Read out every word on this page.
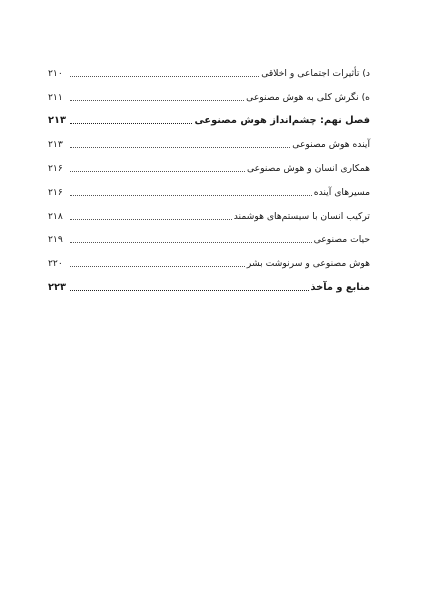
د) تأثیرات اجتماعی و اخلاقی
۲۱۰
ه) نگرش کلی به هوش مصنوعی
۲۱۱
فصل نهم: چشم‌انداز هوش مصنوعی
۲۱۳
آینده هوش مصنوعی
۲۱۳
همکاری انسان و هوش مصنوعی
۲۱۶
مسیرهای آینده
۲۱۶
ترکیب انسان با سیستم‌های هوشمند
۲۱۸
حیات مصنوعی
۲۱۹
هوش مصنوعی و سرنوشت بشر
۲۲۰
منابع و مآخذ
۲۲۳
